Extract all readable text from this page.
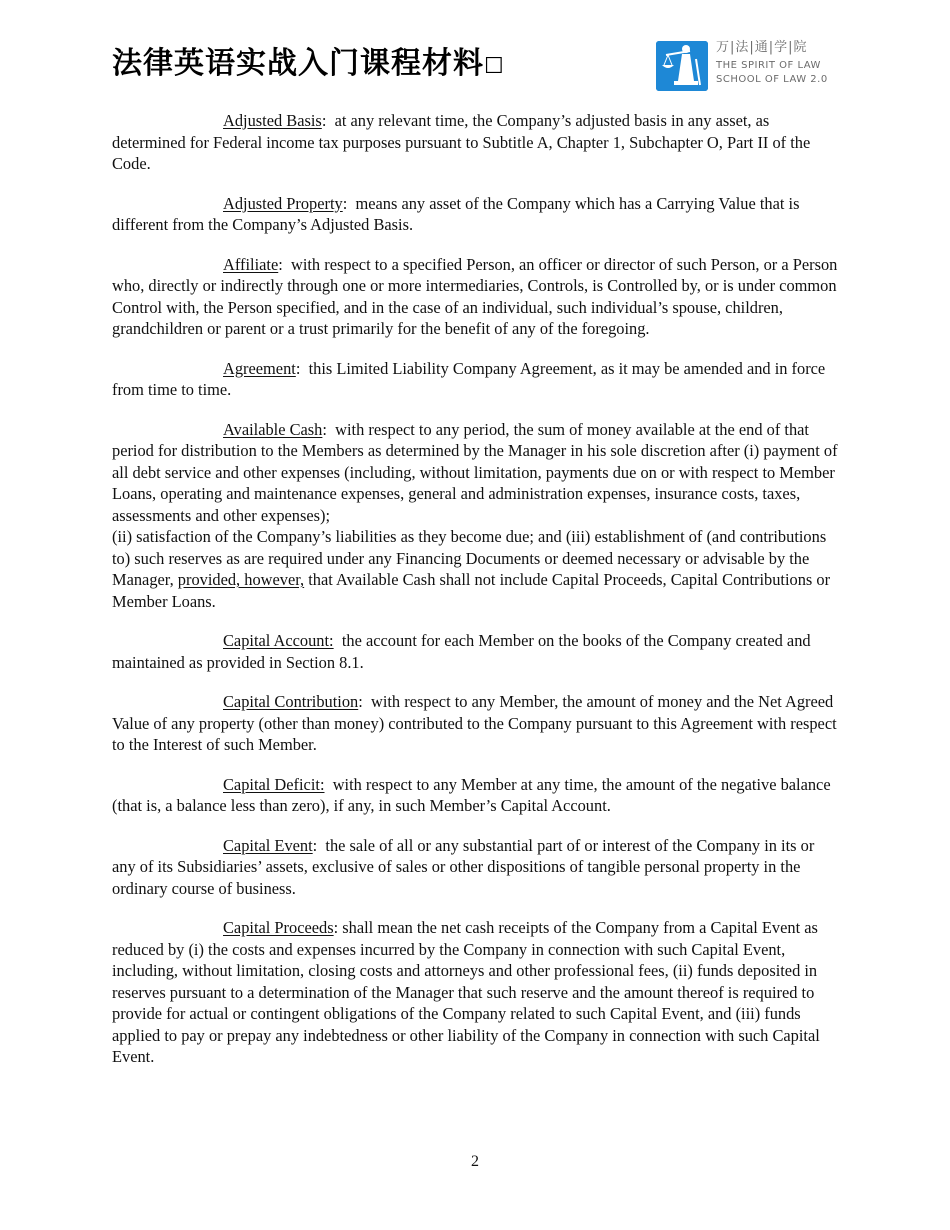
法律英语实战入门课程材料☐
万|法|通|学|院
THE SPIRIT OF LAW
SCHOOL OF LAW 2.0

Adjusted Basis:  at any relevant time, the Company’s adjusted basis in any asset, as determined for Federal income tax purposes pursuant to Subtitle A, Chapter 1, Subchapter O, Part II of the Code.

Adjusted Property:  means any asset of the Company which has a Carrying Value that is different from the Company’s Adjusted Basis.

Affiliate:  with respect to a specified Person, an officer or director of such Person, or a Person who, directly or indirectly through one or more intermediaries, Controls, is Controlled by, or is under common Control with, the Person specified, and in the case of an individual, such individual’s spouse, children, grandchildren or parent or a trust primarily for the benefit of any of the foregoing.

Agreement:  this Limited Liability Company Agreement, as it may be amended and in force from time to time.

Available Cash:  with respect to any period, the sum of money available at the end of that period for distribution to the Members as determined by the Manager in his sole discretion after (i) payment of all debt service and other expenses (including, without limitation, payments due on or with respect to Member Loans, operating and maintenance expenses, general and administration expenses, insurance costs, taxes, assessments and other expenses);
(ii) satisfaction of the Company’s liabilities as they become due; and (iii) establishment of (and contributions to) such reserves as are required under any Financing Documents or deemed necessary or advisable by the Manager, provided, however, that Available Cash shall not include Capital Proceeds, Capital Contributions or Member Loans.

Capital Account:  the account for each Member on the books of the Company created and maintained as provided in Section 8.1.

Capital Contribution:  with respect to any Member, the amount of money and the Net Agreed Value of any property (other than money) contributed to the Company pursuant to this Agreement with respect to the Interest of such Member.

Capital Deficit:  with respect to any Member at any time, the amount of the negative balance (that is, a balance less than zero), if any, in such Member’s Capital Account.

Capital Event:  the sale of all or any substantial part of or interest of the Company in its or any of its Subsidiaries’ assets, exclusive of sales or other dispositions of tangible personal property in the ordinary course of business.

Capital Proceeds: shall mean the net cash receipts of the Company from a Capital Event as reduced by (i) the costs and expenses incurred by the Company in connection with such Capital Event, including, without limitation, closing costs and attorneys and other professional fees, (ii) funds deposited in reserves pursuant to a determination of the Manager that such reserve and the amount thereof is required to provide for actual or contingent obligations of the Company related to such Capital Event, and (iii) funds applied to pay or prepay any indebtedness or other liability of the Company in connection with such Capital Event.

2
